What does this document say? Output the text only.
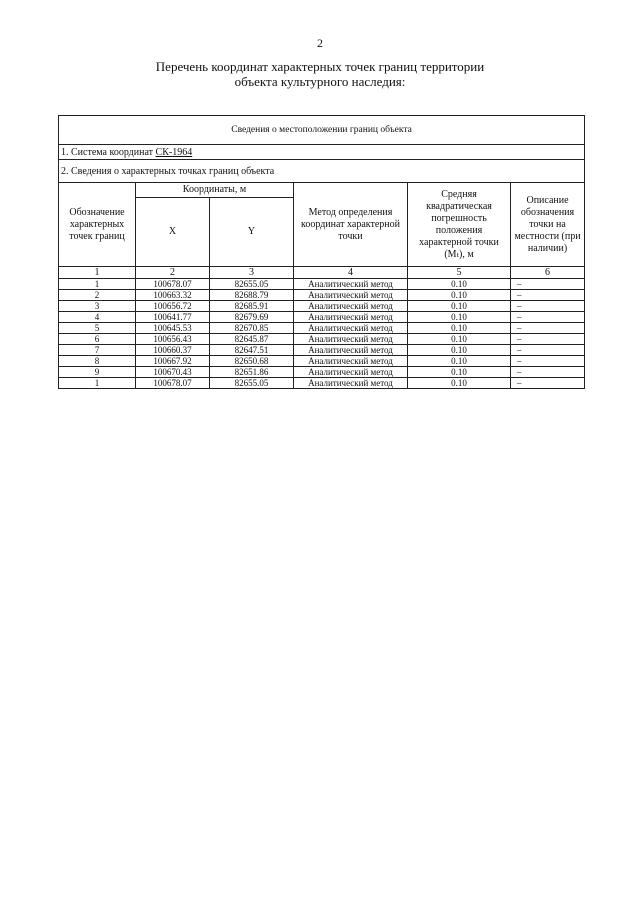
2
Перечень координат характерных точек границ территории
объекта культурного наследия:
Сведения о местоположении границ объекта					
1. Система координат СК-1964					
2. Сведения о характерных точках границ объекта					
Обозначение характерных точек границ	Координаты, м		Метод определения координат характерной точки	Средняя квадратическая погрешность положения характерной точки (Мₜ), м	Описание обозначения точки на местности (при наличии)
	X	Y			
1	2	3	4	5	6
1	100678.07	82655.05	Аналитический метод	0.10	–
2	100663.32	82688.79	Аналитический метод	0.10	–
3	100656.72	82685.91	Аналитический метод	0.10	–
4	100641.77	82679.69	Аналитический метод	0.10	–
5	100645.53	82670.85	Аналитический метод	0.10	–
6	100656.43	82645.87	Аналитический метод	0.10	–
7	100660.37	82647.51	Аналитический метод	0.10	–
8	100667.92	82650.68	Аналитический метод	0.10	–
9	100670.43	82651.86	Аналитический метод	0.10	–
1	100678.07	82655.05	Аналитический метод	0.10	–
